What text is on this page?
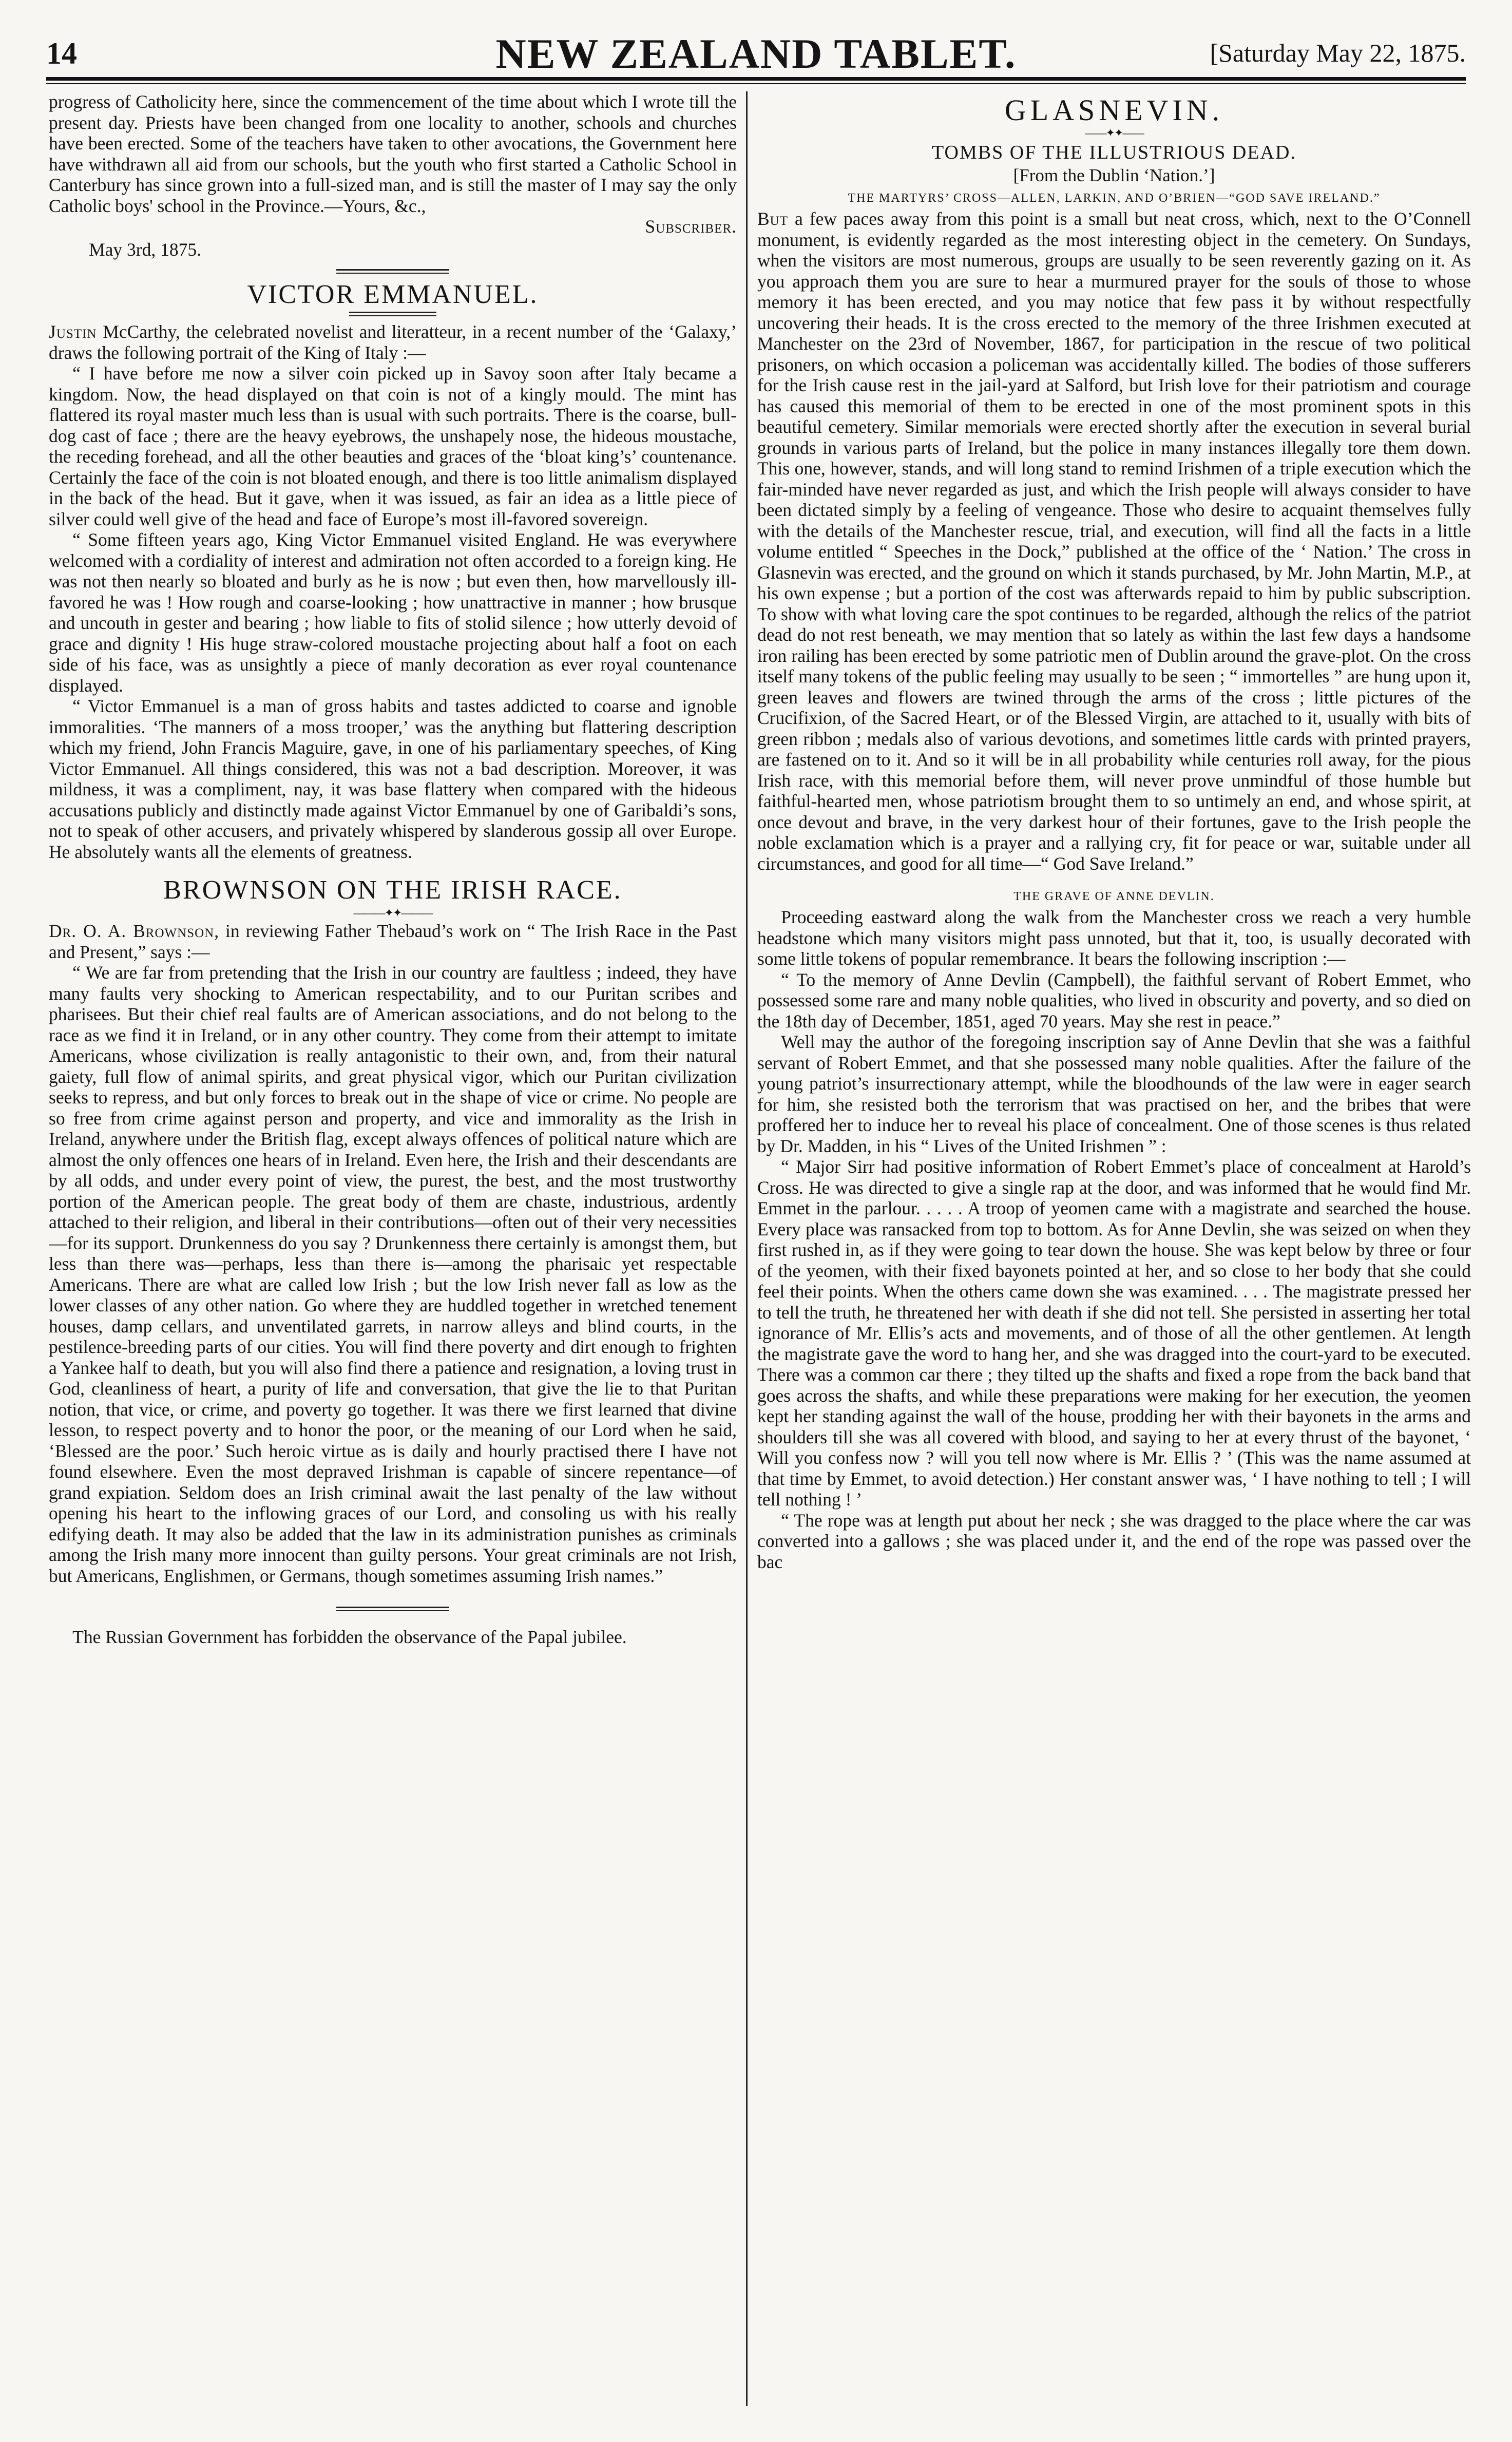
14	NEW ZEALAND TABLET.	[Saturday May 22, 1875.

progress of Catholicity here, since the commencement of the time about which I wrote till the present day. Priests have been changed from one locality to another, schools and churches have been erected. Some of the teachers have taken to other avocations, the Government here have withdrawn all aid from our schools, but the youth who first started a Catholic School in Canterbury has since grown into a full-sized man, and is still the master of I may say the only Catholic boys' school in the Province.—Yours, &c.,

Subscriber.

May 3rd, 1875.

VICTOR EMMANUEL.

Justin McCarthy, the celebrated novelist and literatteur, in a recent number of the ‘Galaxy,’ draws the following portrait of the King of Italy :—

“ I have before me now a silver coin picked up in Savoy soon after Italy became a kingdom. Now, the head displayed on that coin is not of a kingly mould. The mint has flattered its royal master much less than is usual with such portraits. There is the coarse, bull-dog cast of face ; there are the heavy eyebrows, the unshapely nose, the hideous moustache, the receding forehead, and all the other beauties and graces of the ‘bloat king’s’ countenance. Certainly the face of the coin is not bloated enough, and there is too little animalism displayed in the back of the head. But it gave, when it was issued, as fair an idea as a little piece of silver could well give of the head and face of Europe’s most ill-favored sovereign.

“ Some fifteen years ago, King Victor Emmanuel visited England. He was everywhere welcomed with a cordiality of interest and admiration not often accorded to a foreign king. He was not then nearly so bloated and burly as he is now ; but even then, how marvellously ill-favored he was ! How rough and coarse-looking ; how unattractive in manner ; how brusque and uncouth in gester and bearing ; how liable to fits of stolid silence ; how utterly devoid of grace and dignity ! His huge straw-colored moustache projecting about half a foot on each side of his face, was as unsightly a piece of manly decoration as ever royal countenance displayed.

“ Victor Emmanuel is a man of gross habits and tastes addicted to coarse and ignoble immoralities. ‘The manners of a moss trooper,’ was the anything but flattering description which my friend, John Francis Maguire, gave, in one of his parliamentary speeches, of King Victor Emmanuel. All things considered, this was not a bad description. Moreover, it was mildness, it was a compliment, nay, it was base flattery when compared with the hideous accusations publicly and distinctly made against Victor Emmanuel by one of Garibaldi’s sons, not to speak of other accusers, and privately whispered by slanderous gossip all over Europe. He absolutely wants all the elements of greatness.

BROWNSON ON THE IRISH RACE.
———✦✦———

Dr. O. A. Brownson, in reviewing Father Thebaud’s work on “ The Irish Race in the Past and Present,” says :—

“ We are far from pretending that the Irish in our country are faultless ; indeed, they have many faults very shocking to American respectability, and to our Puritan scribes and pharisees. But their chief real faults are of American associations, and do not belong to the race as we find it in Ireland, or in any other country. They come from their attempt to imitate Americans, whose civilization is really antagonistic to their own, and, from their natural gaiety, full flow of animal spirits, and great physical vigor, which our Puritan civilization seeks to repress, and but only forces to break out in the shape of vice or crime. No people are so free from crime against person and property, and vice and immorality as the Irish in Ireland, anywhere under the British flag, except always offences of political nature which are almost the only offences one hears of in Ireland. Even here, the Irish and their descendants are by all odds, and under every point of view, the purest, the best, and the most trustworthy portion of the American people. The great body of them are chaste, industrious, ardently attached to their religion, and liberal in their contributions—often out of their very necessities—for its support. Drunkenness do you say ? Drunkenness there certainly is amongst them, but less than there was—perhaps, less than there is—among the pharisaic yet respectable Americans. There are what are called low Irish ; but the low Irish never fall as low as the lower classes of any other nation. Go where they are huddled together in wretched tenement houses, damp cellars, and unventilated garrets, in narrow alleys and blind courts, in the pestilence-breeding parts of our cities. You will find there poverty and dirt enough to frighten a Yankee half to death, but you will also find there a patience and resignation, a loving trust in God, cleanliness of heart, a purity of life and conversation, that give the lie to that Puritan notion, that vice, or crime, and poverty go together. It was there we first learned that divine lesson, to respect poverty and to honor the poor, or the meaning of our Lord when he said, ‘Blessed are the poor.’ Such heroic virtue as is daily and hourly practised there I have not found elsewhere. Even the most depraved Irishman is capable of sincere repentance—of grand expiation. Seldom does an Irish criminal await the last penalty of the law without opening his heart to the inflowing graces of our Lord, and consoling us with his really edifying death. It may also be added that the law in its administration punishes as criminals among the Irish many more innocent than guilty persons. Your great criminals are not Irish, but Americans, Englishmen, or Germans, though sometimes assuming Irish names.”

The Russian Government has forbidden the observance of the Papal jubilee.

GLASNEVIN.
——✦✦——
TOMBS OF THE ILLUSTRIOUS DEAD.
[From the Dublin ‘Nation.’]
THE MARTYRS’ CROSS—ALLEN, LARKIN, AND O’BRIEN—“GOD SAVE IRELAND.”

But a few paces away from this point is a small but neat cross, which, next to the O’Connell monument, is evidently regarded as the most interesting object in the cemetery. On Sundays, when the visitors are most numerous, groups are usually to be seen reverently gazing on it. As you approach them you are sure to hear a murmured prayer for the souls of those to whose memory it has been erected, and you may notice that few pass it by without respectfully uncovering their heads. It is the cross erected to the memory of the three Irishmen executed at Manchester on the 23rd of November, 1867, for participation in the rescue of two political prisoners, on which occasion a policeman was accidentally killed. The bodies of those sufferers for the Irish cause rest in the jail-yard at Salford, but Irish love for their patriotism and courage has caused this memorial of them to be erected in one of the most prominent spots in this beautiful cemetery. Similar memorials were erected shortly after the execution in several burial grounds in various parts of Ireland, but the police in many instances illegally tore them down. This one, however, stands, and will long stand to remind Irishmen of a triple execution which the fair-minded have never regarded as just, and which the Irish people will always consider to have been dictated simply by a feeling of vengeance. Those who desire to acquaint themselves fully with the details of the Manchester rescue, trial, and execution, will find all the facts in a little volume entitled “ Speeches in the Dock,” published at the office of the ‘ Nation.’ The cross in Glasnevin was erected, and the ground on which it stands purchased, by Mr. John Martin, M.P., at his own expense ; but a portion of the cost was afterwards repaid to him by public subscription. To show with what loving care the spot continues to be regarded, although the relics of the patriot dead do not rest beneath, we may mention that so lately as within the last few days a handsome iron railing has been erected by some patriotic men of Dublin around the grave-plot. On the cross itself many tokens of the public feeling may usually to be seen ; “ immortelles ” are hung upon it, green leaves and flowers are twined through the arms of the cross ; little pictures of the Crucifixion, of the Sacred Heart, or of the Blessed Virgin, are attached to it, usually with bits of green ribbon ; medals also of various devotions, and sometimes little cards with printed prayers, are fastened on to it. And so it will be in all probability while centuries roll away, for the pious Irish race, with this memorial before them, will never prove unmindful of those humble but faithful-hearted men, whose patriotism brought them to so untimely an end, and whose spirit, at once devout and brave, in the very darkest hour of their fortunes, gave to the Irish people the noble exclamation which is a prayer and a rallying cry, fit for peace or war, suitable under all circumstances, and good for all time—“ God Save Ireland.”

THE GRAVE OF ANNE DEVLIN.

Proceeding eastward along the walk from the Manchester cross we reach a very humble headstone which many visitors might pass unnoted, but that it, too, is usually decorated with some little tokens of popular remembrance. It bears the following inscription :—

“ To the memory of Anne Devlin (Campbell), the faithful servant of Robert Emmet, who possessed some rare and many noble qualities, who lived in obscurity and poverty, and so died on the 18th day of December, 1851, aged 70 years. May she rest in peace.”

Well may the author of the foregoing inscription say of Anne Devlin that she was a faithful servant of Robert Emmet, and that she possessed many noble qualities. After the failure of the young patriot’s insurrectionary attempt, while the bloodhounds of the law were in eager search for him, she resisted both the terrorism that was practised on her, and the bribes that were proffered her to induce her to reveal his place of concealment. One of those scenes is thus related by Dr. Madden, in his “ Lives of the United Irishmen ” :

“ Major Sirr had positive information of Robert Emmet’s place of concealment at Harold’s Cross. He was directed to give a single rap at the door, and was informed that he would find Mr. Emmet in the parlour. . . . . A troop of yeomen came with a magistrate and searched the house. Every place was ransacked from top to bottom. As for Anne Devlin, she was seized on when they first rushed in, as if they were going to tear down the house. She was kept below by three or four of the yeomen, with their fixed bayonets pointed at her, and so close to her body that she could feel their points. When the others came down she was examined. . . . The magistrate pressed her to tell the truth, he threatened her with death if she did not tell. She persisted in asserting her total ignorance of Mr. Ellis’s acts and movements, and of those of all the other gentlemen. At length the magistrate gave the word to hang her, and she was dragged into the court-yard to be executed. There was a common car there ; they tilted up the shafts and fixed a rope from the back band that goes across the shafts, and while these preparations were making for her execution, the yeomen kept her standing against the wall of the house, prodding her with their bayonets in the arms and shoulders till she was all covered with blood, and saying to her at every thrust of the bayonet, ‘ Will you confess now ? will you tell now where is Mr. Ellis ? ’ (This was the name assumed at that time by Emmet, to avoid detection.) Her constant answer was, ‘ I have nothing to tell ; I will tell nothing ! ’

“ The rope was at length put about her neck ; she was dragged to the place where the car was converted into a gallows ; she was placed under it, and the end of the rope was passed over the bac
